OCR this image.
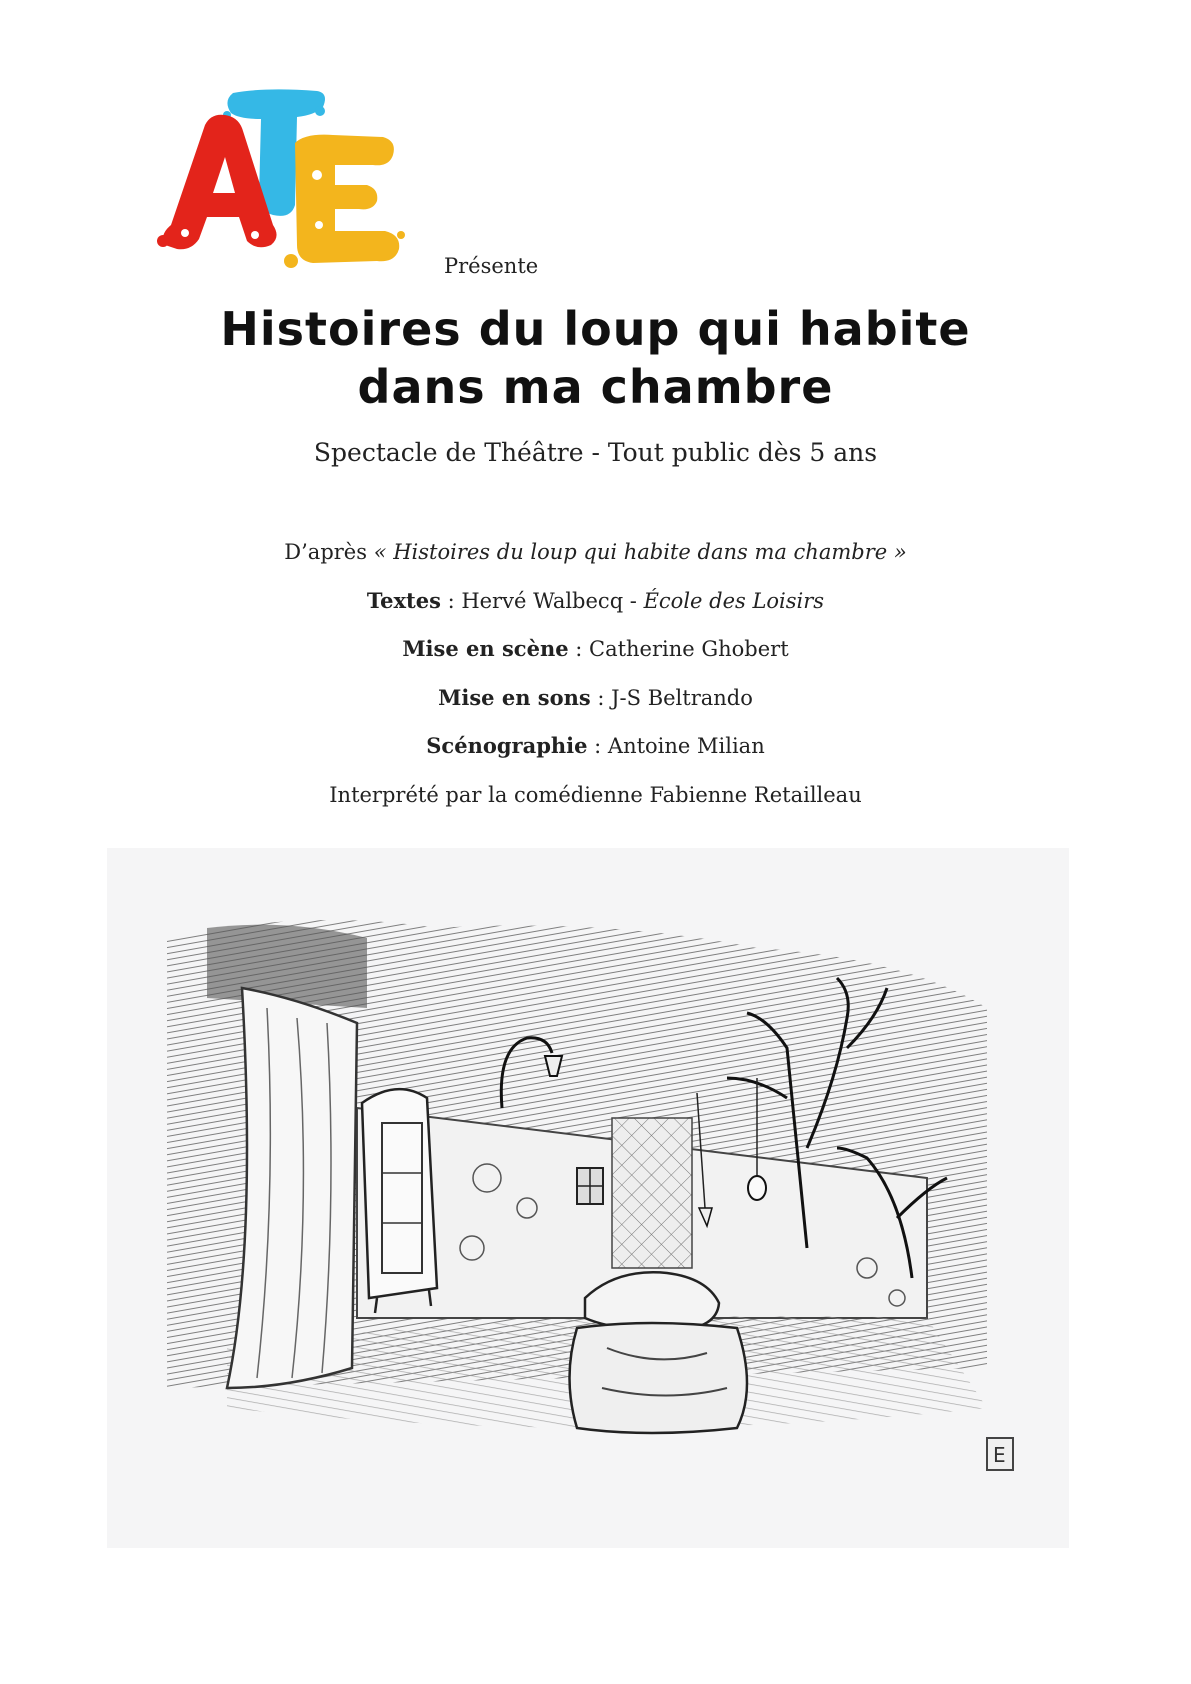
Présente
Histoires du loup qui habite
dans ma chambre
Spectacle de Théâtre - Tout public dès 5 ans
D’après « Histoires du loup qui habite dans ma chambre »
Textes : Hervé Walbecq - École des Loisirs
Mise en scène : Catherine Ghobert
Mise en sons : J-S Beltrando
Scénographie : Antoine Milian
Interprété par la comédienne Fabienne Retailleau
E
